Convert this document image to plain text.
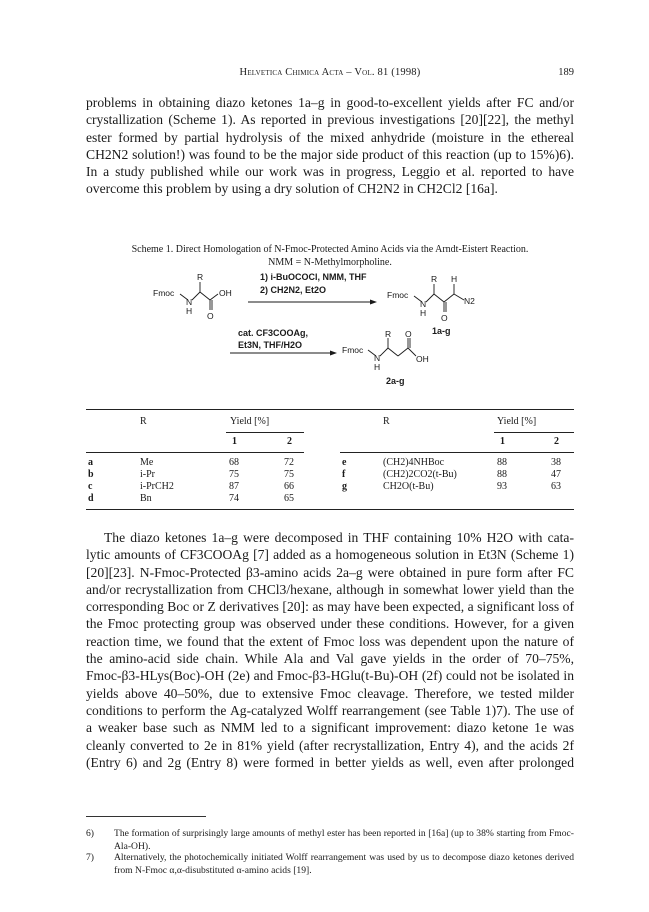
Helvetica Chimica Acta – Vol. 81 (1998)	189
problems in obtaining diazo ketones 1a–g in good-to-excellent yields after FC and/or
crystallization (Scheme 1). As reported in previous investigations [20][22], the methyl
ester formed by partial hydrolysis of the mixed anhydride (moisture in the ethereal
CH2N2 solution!) was found to be the major side product of this reaction (up to 15%)6).
In a study published while our work was in progress, Leggio et al. reported to have
overcome this problem by using a dry solution of CH2N2 in CH2Cl2 [16a].
Scheme 1. Direct Homologation of N-Fmoc-Protected Amino Acids via the Arndt-Eistert Reaction.
NMM = N-Methylmorpholine.
R
Fmoc
N
H
OH
O
1) i-BuOCOCl, NMM, THF
2) CH2N2, Et2O
R H
Fmoc
N
H O
N2
1a-g
cat. CF3COOAg,
Et3N, THF/H2O
R O
Fmoc
N
H
OH
2a-g
R	Yield [%]	R	Yield [%]
1	2	1	2
a	Me	68	72
b	i-Pr	75	75
c	i-PrCH2	87	66
d	Bn	74	65
e	(CH2)4NHBoc	88	38
f	(CH2)2CO2(t-Bu)	88	47
g	CH2O(t-Bu)	93	63
The diazo ketones 1a–g were decomposed in THF containing 10% H2O with cata-
lytic amounts of CF3COOAg [7] added as a homogeneous solution in Et3N (Scheme 1)
[20][23]. N-Fmoc-Protected β3-amino acids 2a–g were obtained in pure form after FC
and/or recrystallization from CHCl3/hexane, although in somewhat lower yield than the
corresponding Boc or Z derivatives [20]: as may have been expected, a significant loss of
the Fmoc protecting group was observed under these conditions. However, for a given
reaction time, we found that the extent of Fmoc loss was dependent upon the nature of
the amino-acid side chain. While Ala and Val gave yields in the order of 70–75%,
Fmoc-β3-HLys(Boc)-OH (2e) and Fmoc-β3-HGlu(t-Bu)-OH (2f) could not be isolated in
yields above 40–50%, due to extensive Fmoc cleavage. Therefore, we tested milder
conditions to perform the Ag-catalyzed Wolff rearrangement (see Table 1)7). The use of
a weaker base such as NMM led to a significant improvement: diazo ketone 1e was
cleanly converted to 2e in 81% yield (after recrystallization, Entry 4), and the acids 2f
(Entry 6) and 2g (Entry 8) were formed in better yields as well, even after prolonged
6) The formation of surprisingly large amounts of methyl ester has been reported in [16a] (up to 38% starting from Fmoc-Ala-OH).
7) Alternatively, the photochemically initiated Wolff rearrangement was used by us to decompose diazo ketones derived from N-Fmoc α,α-disubstituted α-amino acids [19].
